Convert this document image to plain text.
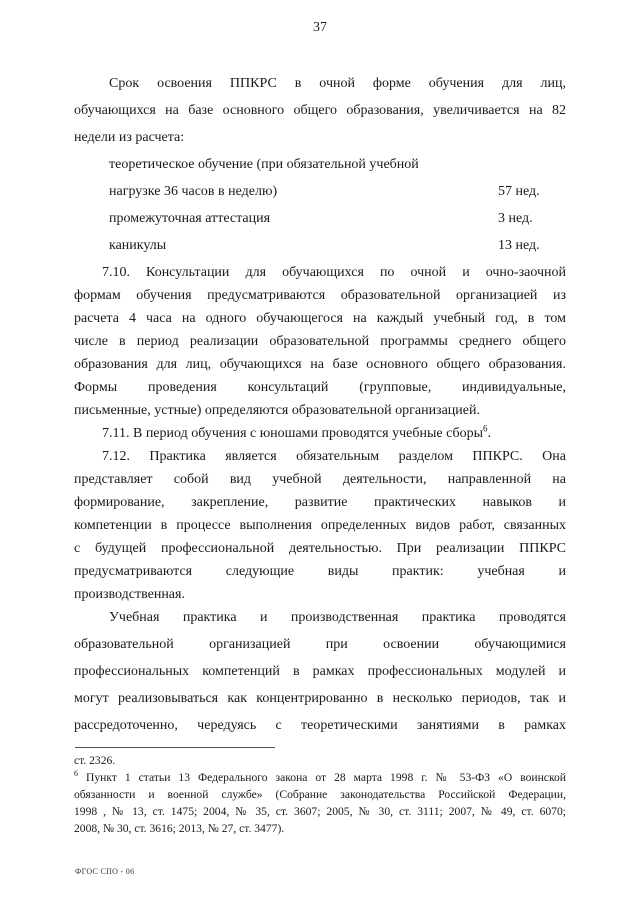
37
Срок освоения ППКРС в очной форме обучения для лиц,
обучающихся на базе основного общего образования, увеличивается на 82
недели из расчета:
теоретическое обучение (при обязательной учебной
нагрузке 36 часов в неделю)	57 нед.
промежуточная аттестация	3 нед.
каникулы	13 нед.
7.10. Консультации для обучающихся по очной и очно-заочной
формам обучения предусматриваются образовательной организацией из
расчета 4 часа на одного обучающегося на каждый учебный год, в том
числе в период реализации образовательной программы среднего общего
образования для лиц, обучающихся на базе основного общего образования.
Формы проведения консультаций (групповые, индивидуальные,
письменные, устные) определяются образовательной организацией.
7.11. В период обучения с юношами проводятся учебные сборы$^6$.
7.12. Практика является обязательным разделом ППКРС. Она
представляет собой вид учебной деятельности, направленной на
формирование, закрепление, развитие практических навыков и
компетенции в процессе выполнения определенных видов работ, связанных
с будущей профессиональной деятельностью. При реализации ППКРС
предусматриваются следующие виды практик: учебная и
производственная.
Учебная практика и производственная практика проводятся
образовательной организацией при освоении обучающимися
профессиональных компетенций в рамках профессиональных модулей и
могут реализовываться как концентрированно в несколько периодов, так и
рассредоточенно, чередуясь с теоретическими занятиями в рамках
ст. 2326.
$^6$ Пункт 1 статьи 13 Федерального закона от 28 марта 1998 г. № 53-ФЗ «О воинской
обязанности и военной службе» (Собрание законодательства Российской Федерации,
1998 , № 13, ст. 1475; 2004, № 35, ст. 3607; 2005, № 30, ст. 3111; 2007, № 49, ст. 6070;
2008, № 30, ст. 3616; 2013, № 27, ст. 3477).
ФГОС СПО - 06
